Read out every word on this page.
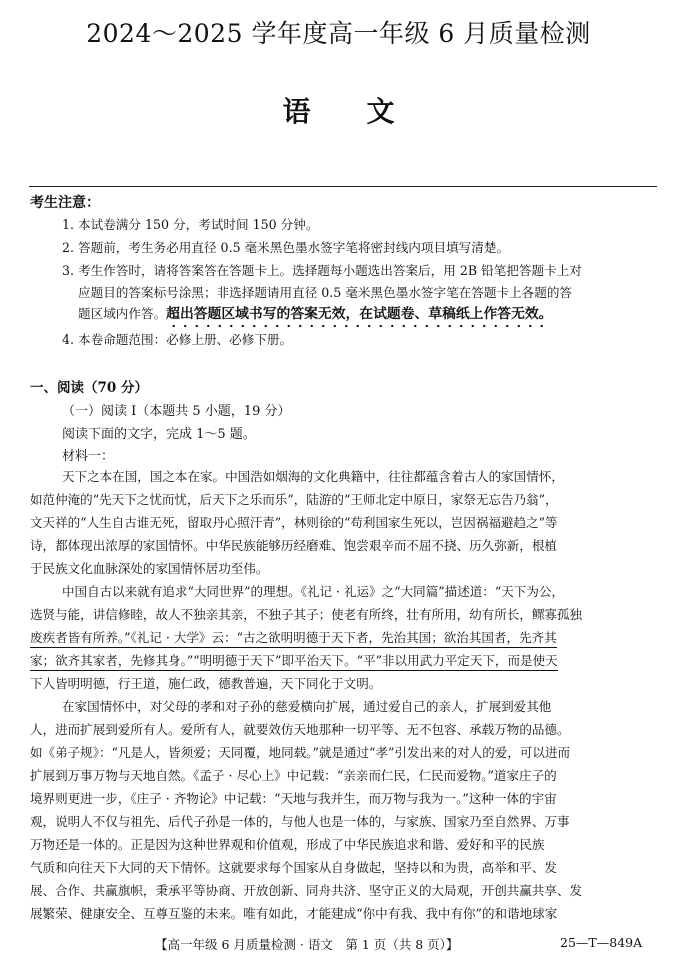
2024～2025 学年度高一年级 6 月质量检测
语文
考生注意：
1. 本试卷满分 150 分，考试时间 150 分钟。
2. 答题前，考生务必用直径 0.5 毫米黑色墨水签字笔将密封线内项目填写清楚。
3. 考生作答时，请将答案答在答题卡上。选择题每小题选出答案后，用 2B 铅笔把答题卡上对
应题目的答案标号涂黑；非选择题请用直径 0.5 毫米黑色墨水签字笔在答题卡上各题的答
题区域内作答。超出答题区域书写的答案无效，在试题卷、草稿纸上作答无效。
4. 本卷命题范围：必修上册、必修下册。
一、阅读（70 分）
（一）阅读 Ⅰ（本题共 5 小题，19 分）
阅读下面的文字，完成 1～5 题。
材料一：
天下之本在国，国之本在家。中国浩如烟海的文化典籍中，往往都蕴含着古人的家国情怀，
如范仲淹的“先天下之忧而忧，后天下之乐而乐”，陆游的“王师北定中原日，家祭无忘告乃翁”，
文天祥的“人生自古谁无死，留取丹心照汗青”，林则徐的“苟利国家生死以，岂因祸福避趋之”等
诗，都体现出浓厚的家国情怀。中华民族能够历经磨难、饱尝艰辛而不屈不挠、历久弥新，根植
于民族文化血脉深处的家国情怀居功至伟。
中国自古以来就有追求“大同世界”的理想。《礼记 · 礼运》之“大同篇”描述道：“天下为公，
选贤与能，讲信修睦，故人不独亲其亲，不独子其子；使老有所终，壮有所用，幼有所长，鳏寡孤独
废疾者皆有所养。”《礼记 · 大学》云：“古之欲明明德于天下者，先治其国；欲治其国者，先齐其
家；欲齐其家者，先修其身。”“明明德于天下”即平治天下。“平”非以用武力平定天下，而是使天
下人皆明明德，行王道，施仁政，德教普遍，天下同化于文明。
在家国情怀中，对父母的孝和对子孙的慈爱横向扩展，通过爱自己的亲人，扩展到爱其他
人，进而扩展到爱所有人。爱所有人，就要效仿天地那种一切平等、无不包容、承载万物的品德。
如《弟子规》：“凡是人，皆须爱；天同覆，地同载。”就是通过“孝”引发出来的对人的爱，可以进而
扩展到万事万物与天地自然。《孟子 · 尽心上》中记载：“亲亲而仁民，仁民而爱物。”道家庄子的
境界则更进一步，《庄子 · 齐物论》中记载：“天地与我并生，而万物与我为一。”这种一体的宇宙
观，说明人不仅与祖先、后代子孙是一体的，与他人也是一体的，与家族、国家乃至自然界、万事
万物还是一体的。正是因为这种世界观和价值观，形成了中华民族追求和谐、爱好和平的民族
气质和向往天下大同的天下情怀。这就要求每个国家从自身做起，坚持以和为贵，高举和平、发
展、合作、共赢旗帜，秉承平等协商、开放创新、同舟共济、坚守正义的大局观，开创共赢共享、发
展繁荣、健康安全、互尊互鉴的未来。唯有如此，才能建成“你中有我、我中有你”的和谐地球家
【高一年级 6 月质量检测 · 语文　第 1 页（共 8 页）】	25—T—849A
